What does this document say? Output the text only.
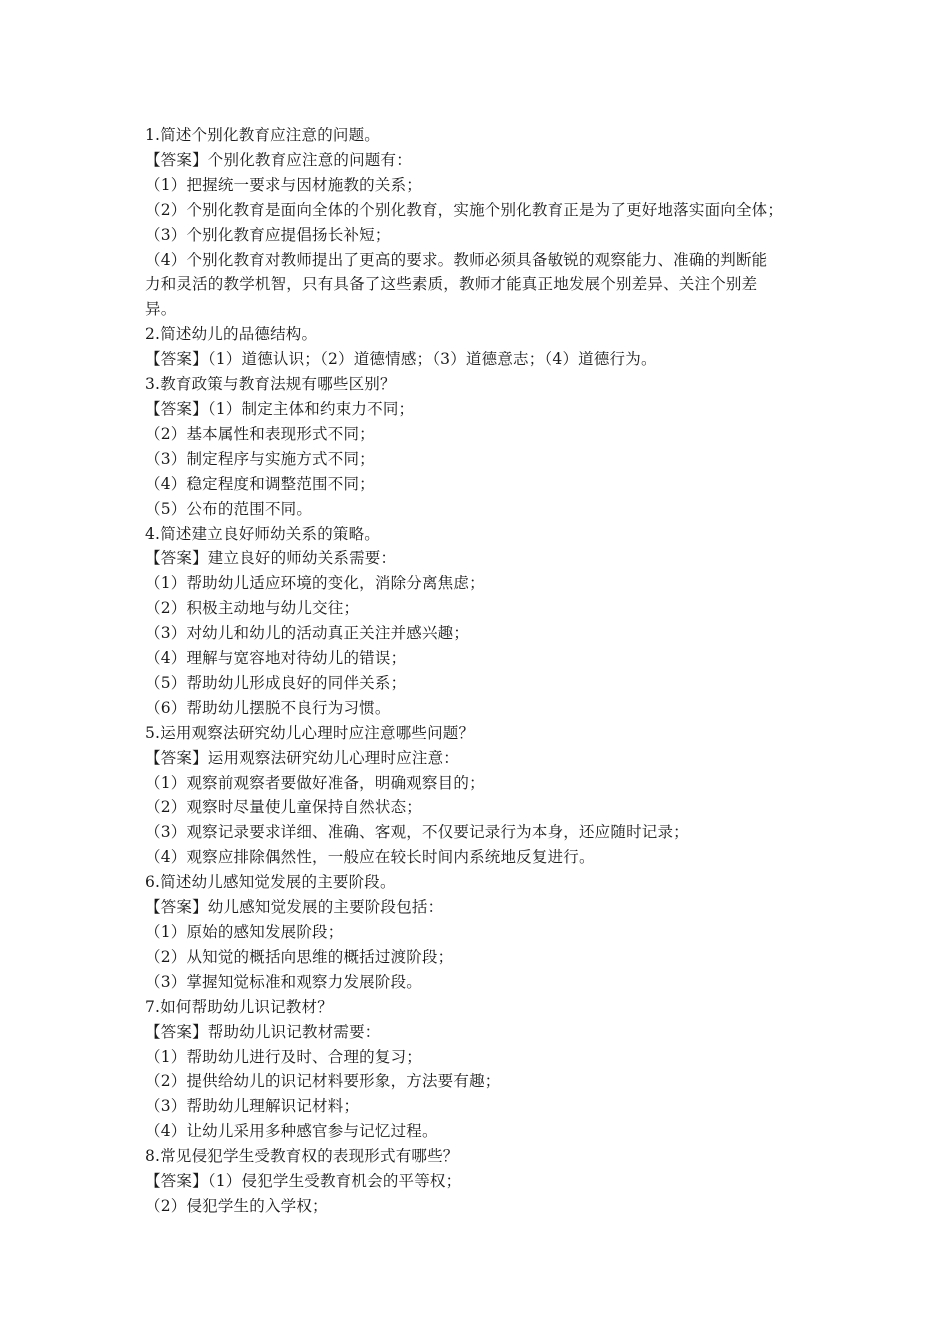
1.简述个别化教育应注意的问题。
【答案】个别化教育应注意的问题有：
（1）把握统一要求与因材施教的关系；
（2）个别化教育是面向全体的个别化教育，实施个别化教育正是为了更好地落实面向全体；
（3）个别化教育应提倡扬长补短；
（4）个别化教育对教师提出了更高的要求。教师必须具备敏锐的观察能力、准确的判断能
力和灵活的教学机智，只有具备了这些素质，教师才能真正地发展个别差异、关注个别差
异。
2.简述幼儿的品德结构。
【答案】（1）道德认识；（2）道德情感；（3）道德意志；（4）道德行为。
3.教育政策与教育法规有哪些区别？
【答案】（1）制定主体和约束力不同；
（2）基本属性和表现形式不同；
（3）制定程序与实施方式不同；
（4）稳定程度和调整范围不同；
（5）公布的范围不同。
4.简述建立良好师幼关系的策略。
【答案】建立良好的师幼关系需要：
（1）帮助幼儿适应环境的变化，消除分离焦虑；
（2）积极主动地与幼儿交往；
（3）对幼儿和幼儿的活动真正关注并感兴趣；
（4）理解与宽容地对待幼儿的错误；
（5）帮助幼儿形成良好的同伴关系；
（6）帮助幼儿摆脱不良行为习惯。
5.运用观察法研究幼儿心理时应注意哪些问题？
【答案】运用观察法研究幼儿心理时应注意：
（1）观察前观察者要做好准备，明确观察目的；
（2）观察时尽量使儿童保持自然状态；
（3）观察记录要求详细、准确、客观，不仅要记录行为本身，还应随时记录；
（4）观察应排除偶然性，一般应在较长时间内系统地反复进行。
6.简述幼儿感知觉发展的主要阶段。
【答案】幼儿感知觉发展的主要阶段包括：
（1）原始的感知发展阶段；
（2）从知觉的概括向思维的概括过渡阶段；
（3）掌握知觉标准和观察力发展阶段。
7.如何帮助幼儿识记教材？
【答案】帮助幼儿识记教材需要：
（1）帮助幼儿进行及时、合理的复习；
（2）提供给幼儿的识记材料要形象，方法要有趣；
（3）帮助幼儿理解识记材料；
（4）让幼儿采用多种感官参与记忆过程。
8.常见侵犯学生受教育权的表现形式有哪些？
【答案】（1）侵犯学生受教育机会的平等权；
（2）侵犯学生的入学权；
